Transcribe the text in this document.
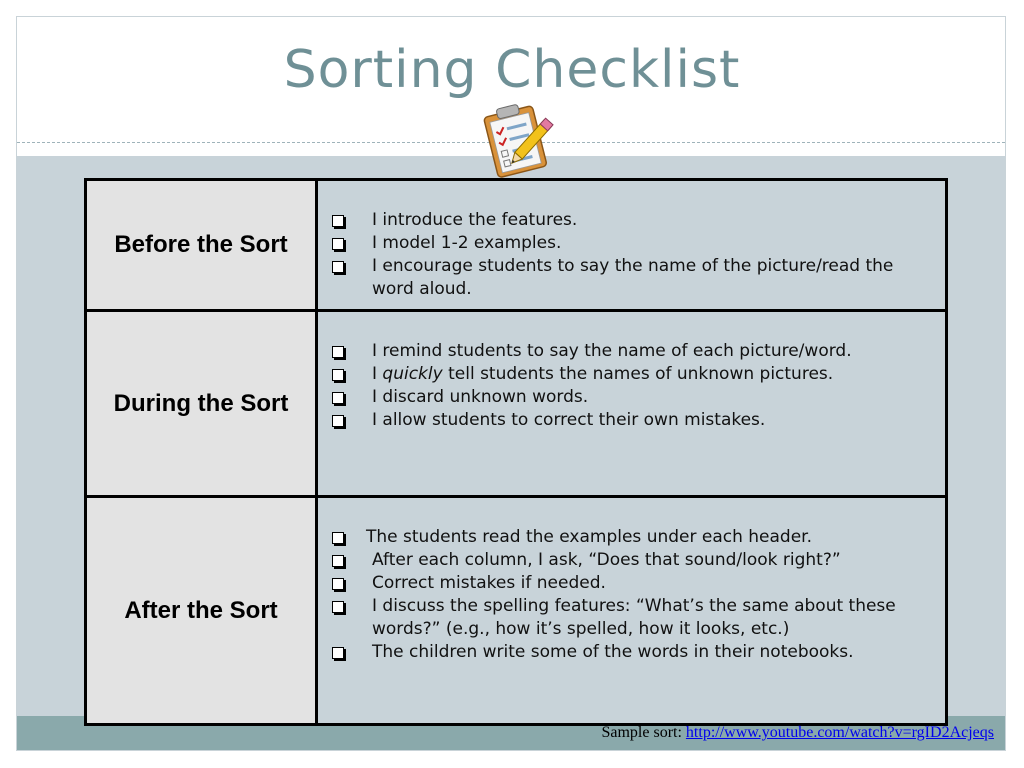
Sorting Checklist
Before the Sort	I introduce the features.
I model 1-2 examples.
I encourage students to say the name of the picture/read the word aloud.

During the Sort	I remind students to say the name of each picture/word.
I quickly tell students the names of unknown pictures.
I discard unknown words.
I allow students to correct their own mistakes.

After the Sort	The students read the examples under each header.
After each column, I ask, “Does that sound/look right?”
Correct mistakes if needed.
I discuss the spelling features: “What’s the same about these words?” (e.g., how it’s spelled, how it looks, etc.)
The children write some of the words in their notebooks.
Sample sort: http://www.youtube.com/watch?v=rgID2Acjeqs
